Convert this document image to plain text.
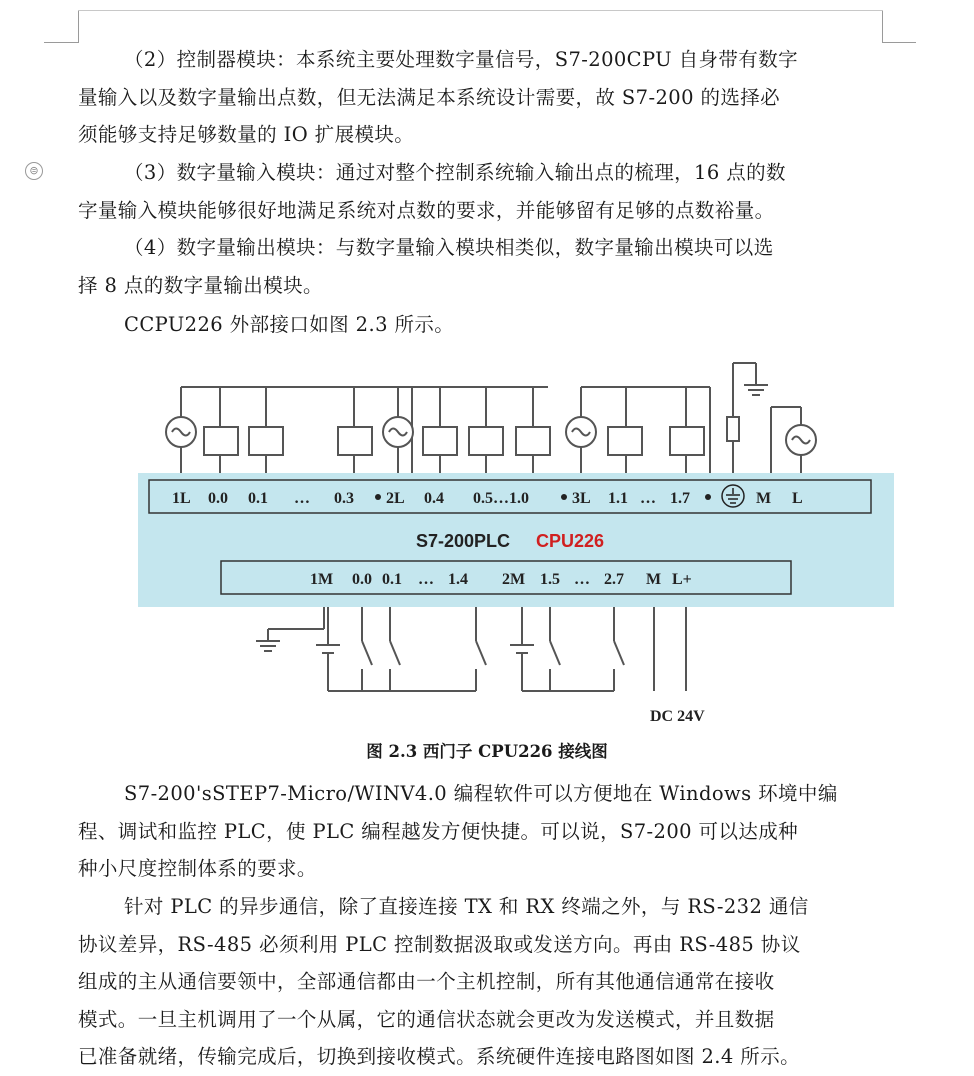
⊜

（2）控制器模块：本系统主要处理数字量信号，S7-200CPU 自身带有数字
量输入以及数字量输出点数，但无法满足本系统设计需要，故 S7-200 的选择必
须能够支持足够数量的 IO 扩展模块。

（3）数字量输入模块：通过对整个控制系统输入输出点的梳理，16 点的数
字量输入模块能够很好地满足系统对点数的要求，并能够留有足够的点数裕量。

（4）数字量输出模块：与数字量输入模块相类似，数字量输出模块可以选
择 8 点的数字量输出模块。

CCPU226 外部接口如图 2.3 所示。

1L 0.0 0.1 … 0.3 2L 0.4 0.5…1.0	3L 1.1 … 1.7	M L
S7-200PLC CPU226
1M 0.0 0.1 … 1.4 2M 1.5 … 2.7 M L+
DC 24V

图 2.3 西门子 CPU226 接线图

S7-200'sSTEP7-Micro/WINV4.0 编程软件可以方便地在 Windows 环境中编
程、调试和监控 PLC，使 PLC 编程越发方便快捷。可以说，S7-200 可以达成种
种小尺度控制体系的要求。

针对 PLC 的异步通信，除了直接连接 TX 和 RX 终端之外，与 RS-232 通信
协议差异，RS-485 必须利用 PLC 控制数据汲取或发送方向。再由 RS-485 协议
组成的主从通信要领中，全部通信都由一个主机控制，所有其他通信通常在接收
模式。一旦主机调用了一个从属，它的通信状态就会更改为发送模式，并且数据
已准备就绪，传输完成后，切换到接收模式。系统硬件连接电路图如图 2.4 所示。
